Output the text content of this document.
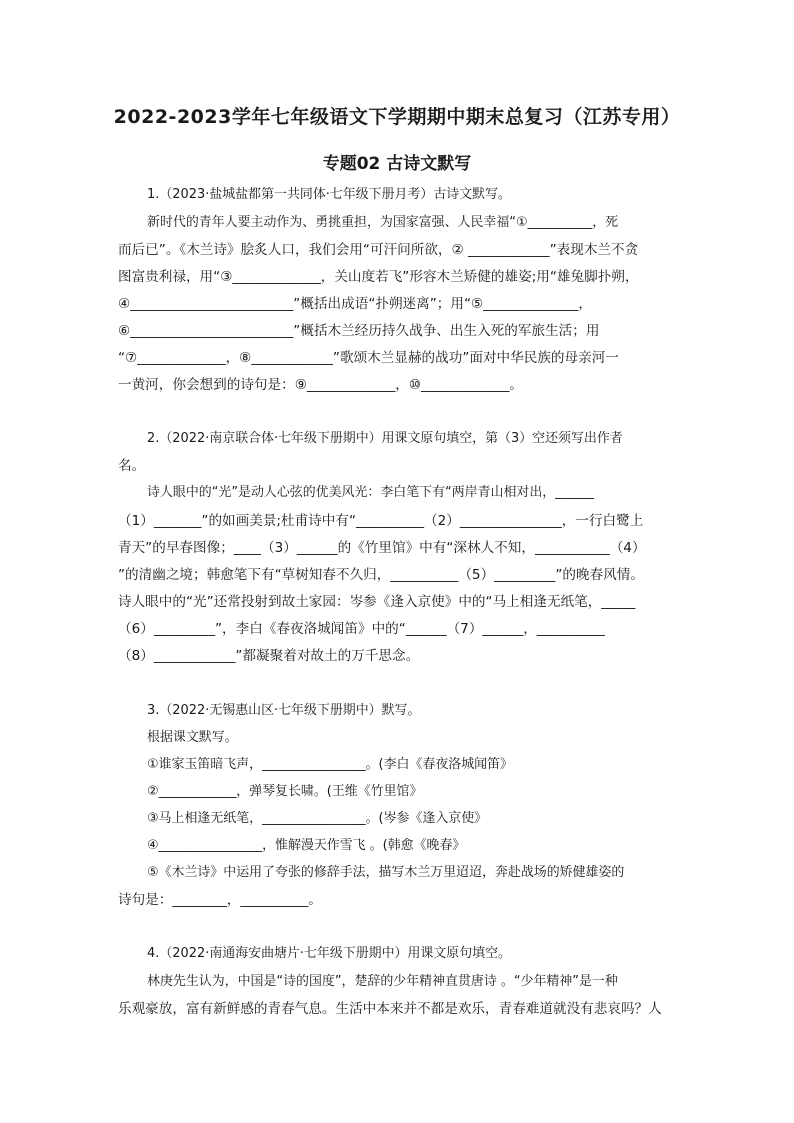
2022-2023学年七年级语文下学期期中期末总复习（江苏专用）
专题02 古诗文默写

1.（2023·盐城盐都第一共同体·七年级下册月考）古诗文默写。

新时代的青年人要主动作为、勇挑重担，为国家富强、人民幸福“①__________，死

而后已”。《木兰诗》脍炙人口，我们会用“可汗问所欲，② ____________”表现木兰不贪

图富贵利禄，用“③_____________，关山度若飞”形容木兰矫健的雄姿;用“雄兔脚扑朔，

④________________________”概括出成语“扑朔迷离”；用“⑤______________，

⑥________________________”概括木兰经历持久战争、出生入死的军旅生活；用

“⑦_____________，⑧____________”歌颂木兰显赫的战功”面对中华民族的母亲河一

一黄河，你会想到的诗句是：⑨_____________，⑩_____________。

2.（2022·南京联合体·七年级下册期中）用课文原句填空，第（3）空还须写出作者

名。

诗人眼中的“光”是动人心弦的优美风光：李白笔下有“两岸青山相对出，______

（1）_______”的如画美景;杜甫诗中有“__________（2）_______________，一行白鹭上

青天”的早春图像；____（3）______的《竹里馆》中有“深林人不知，___________（4）

”的清幽之境；韩愈笔下有“草树知春不久归，__________（5）_________”的晚春风情。

诗人眼中的“光”还常投射到故土家园：岑参《逢入京使》中的“马上相逢无纸笔，_____

（6）_________”，李白《春夜洛城闻笛》中的“______（7）______，__________

（8）____________”都凝聚着对故土的万千思念。

3.（2022·无锡惠山区·七年级下册期中）默写。

根据课文默写。

①谁家玉笛暗飞声，________________。(李白《春夜洛城闻笛》

②____________，弹琴复长啸。(王维《竹里馆》

③马上相逢无纸笔，________________。(岑参《逢入京使》

④________________，惟解漫天作雪飞 。(韩愈《晚春》

⑤《木兰诗》中运用了夸张的修辞手法，描写木兰万里迢迢，奔赴战场的矫健雄姿的

诗句是：________，__________。

4.（2022·南通海安曲塘片·七年级下册期中）用课文原句填空。

林庚先生认为，中国是“诗的国度”，楚辞的少年精神直贯唐诗 。“少年精神”是一种

乐观豪放，富有新鲜感的青春气息。生活中本来并不都是欢乐，青春难道就没有悲哀吗？人
